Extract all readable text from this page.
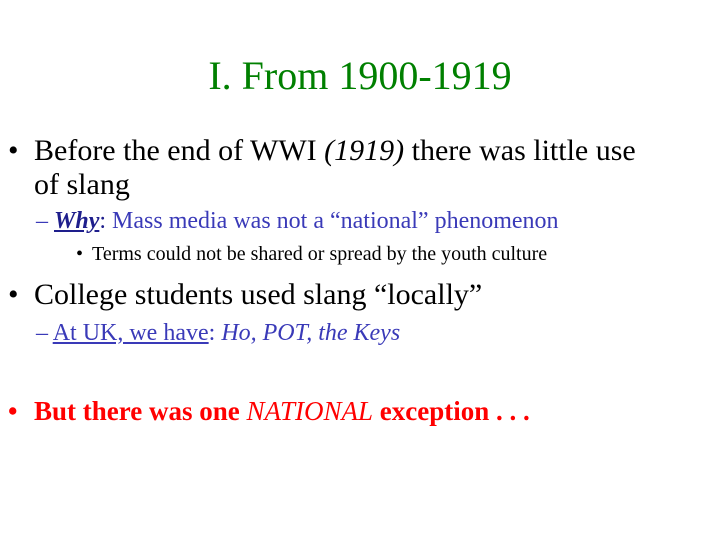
I. From 1900-1919
• Before the end of WWI (1919) there was little use
of slang
– Why: Mass media was not a “national” phenomenon
• Terms could not be shared or spread by the youth culture
• College students used slang “locally”
– At UK, we have: Ho, POT, the Keys
• But there was one NATIONAL exception . . .
